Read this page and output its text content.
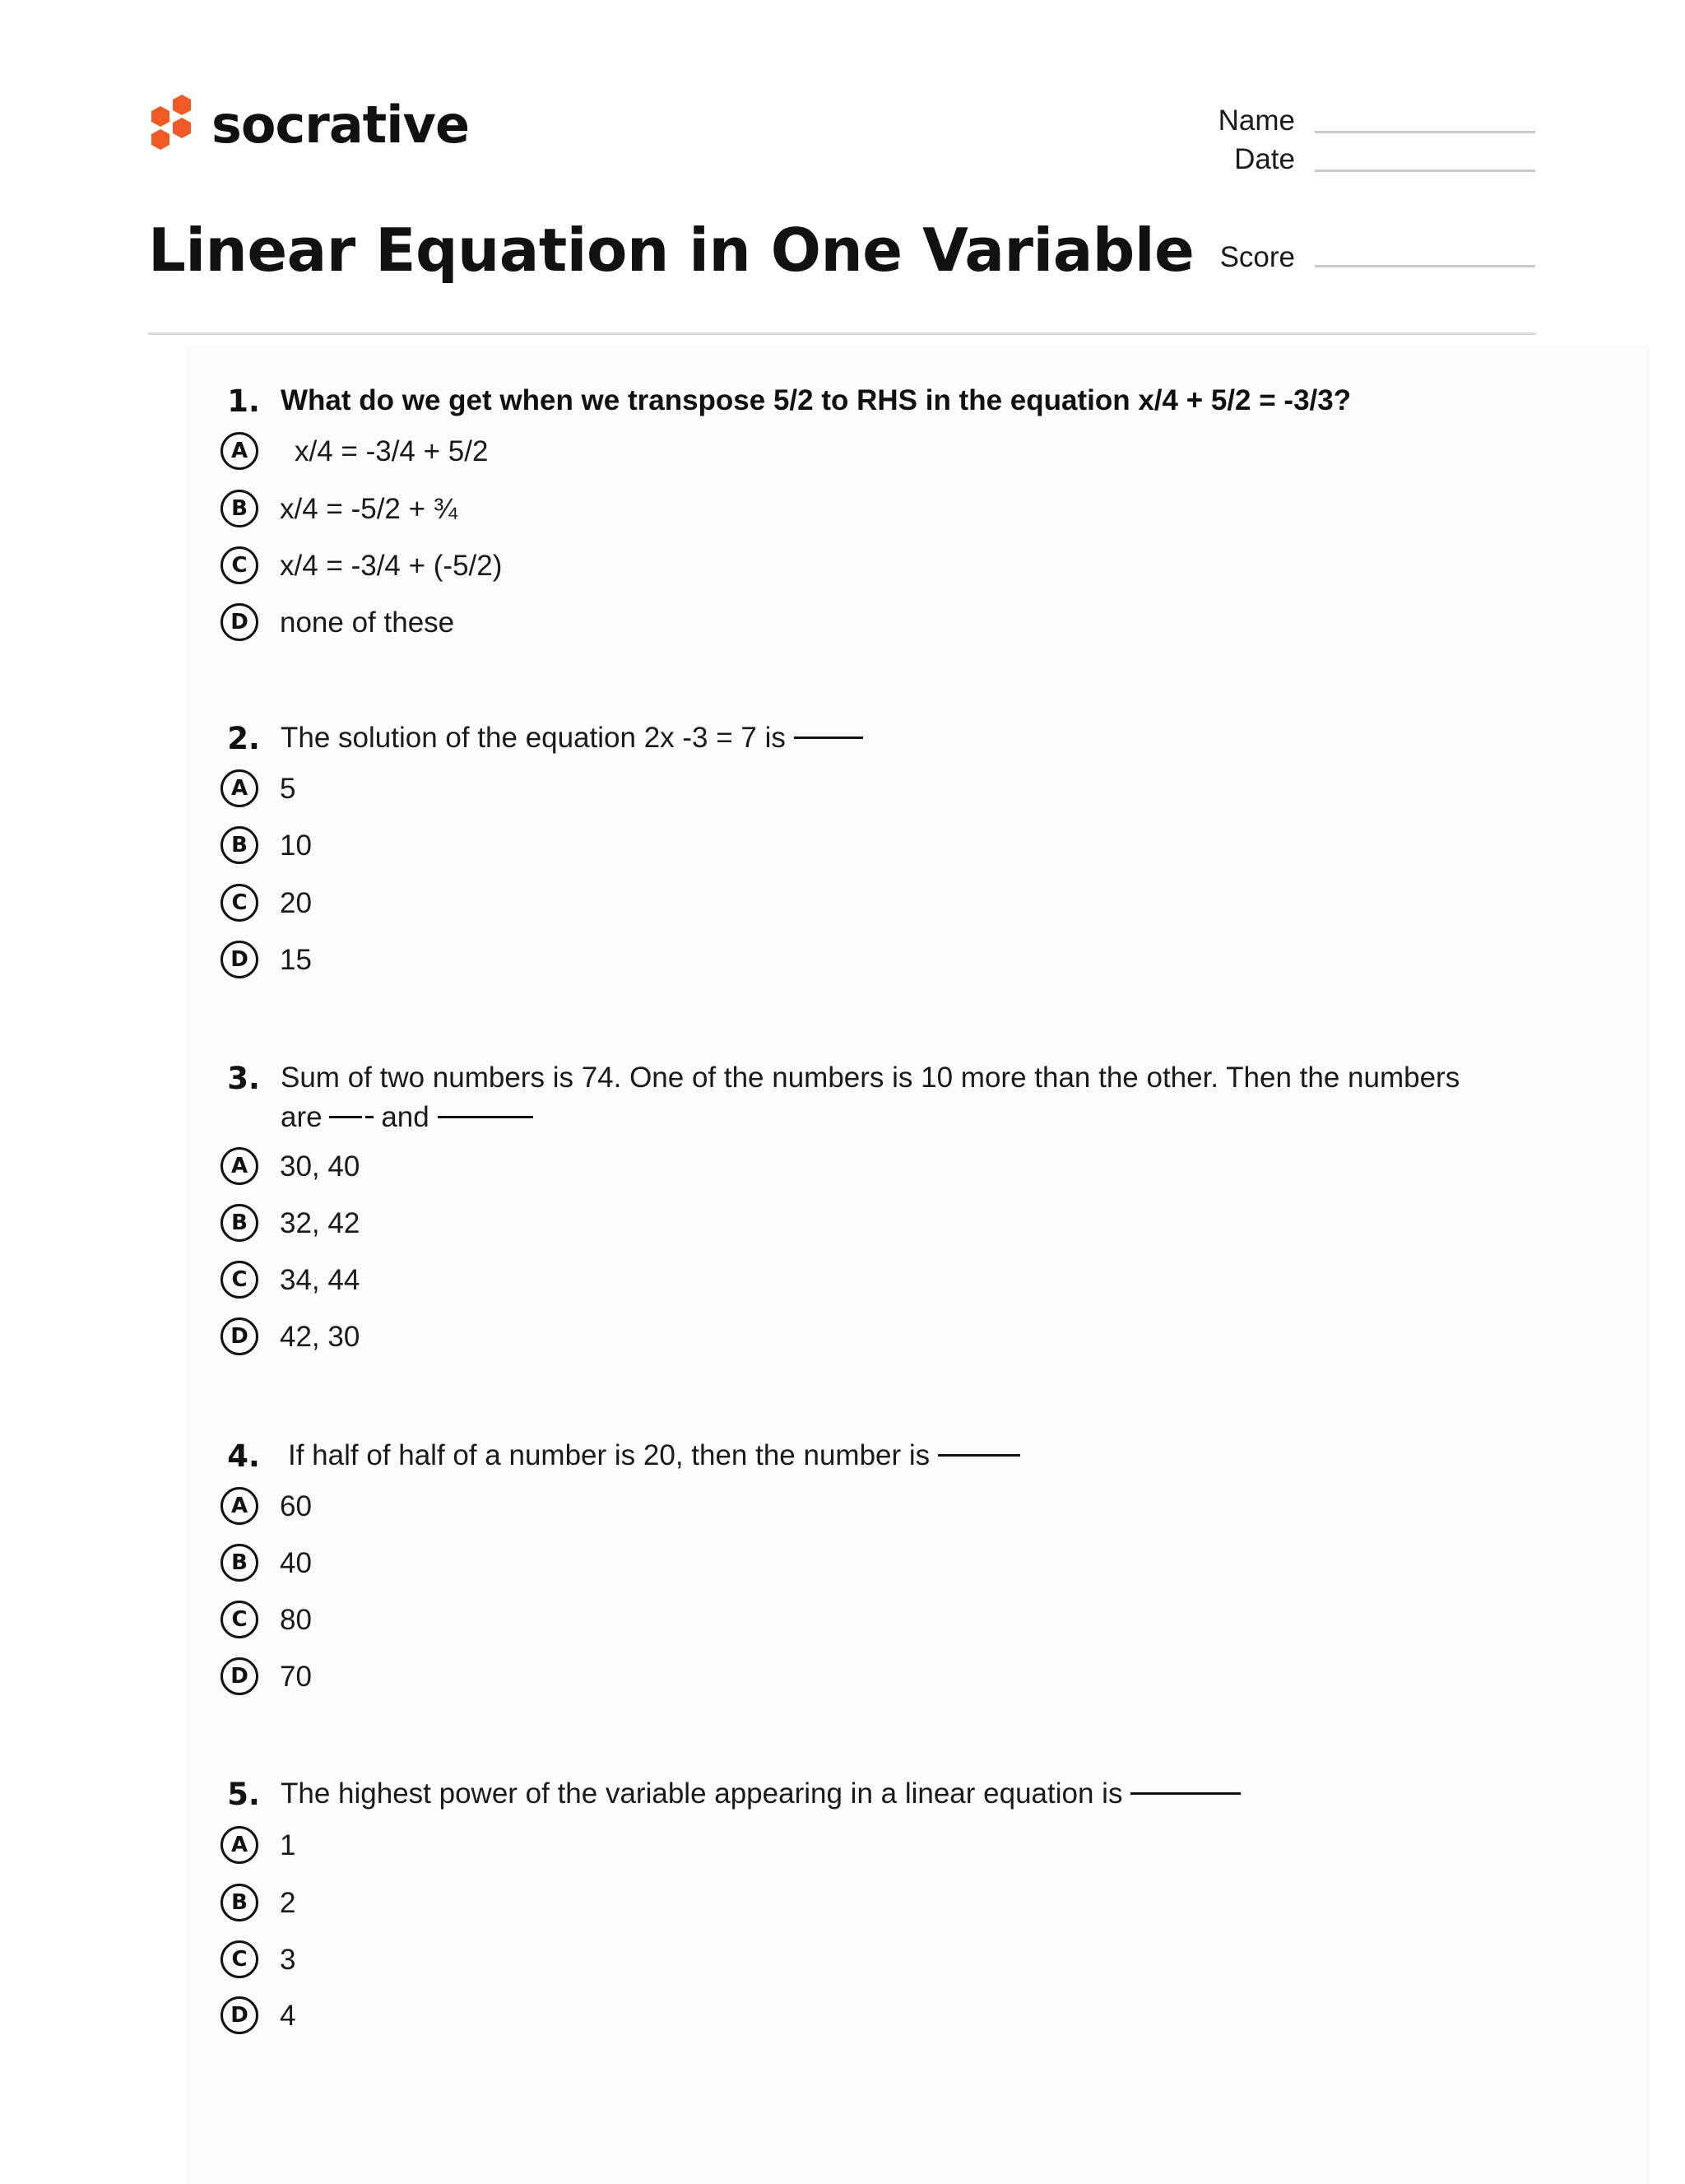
socrative
Linear Equation in One Variable
Name
Date
Score
1. What do we get when we transpose 5/2 to RHS in the equation x/4 + 5/2 = -3/3?
A	x/4 = -3/4 + 5/2
B	x/4 = -5/2 + ¾
C	x/4 = -3/4 + (-5/2)
D	none of these
2. The solution of the equation 2x -3 = 7 is
A	5
B	10
C	20
D	15
3. Sum of two numbers is 74. One of the numbers is 10 more than the other. Then the numbers
are and
A	30, 40
B	32, 42
C	34, 44
D	42, 30
4. If half of half of a number is 20, then the number is
A	60
B	40
C	80
D	70
5. The highest power of the variable appearing in a linear equation is
A	1
B	2
C	3
D	4
